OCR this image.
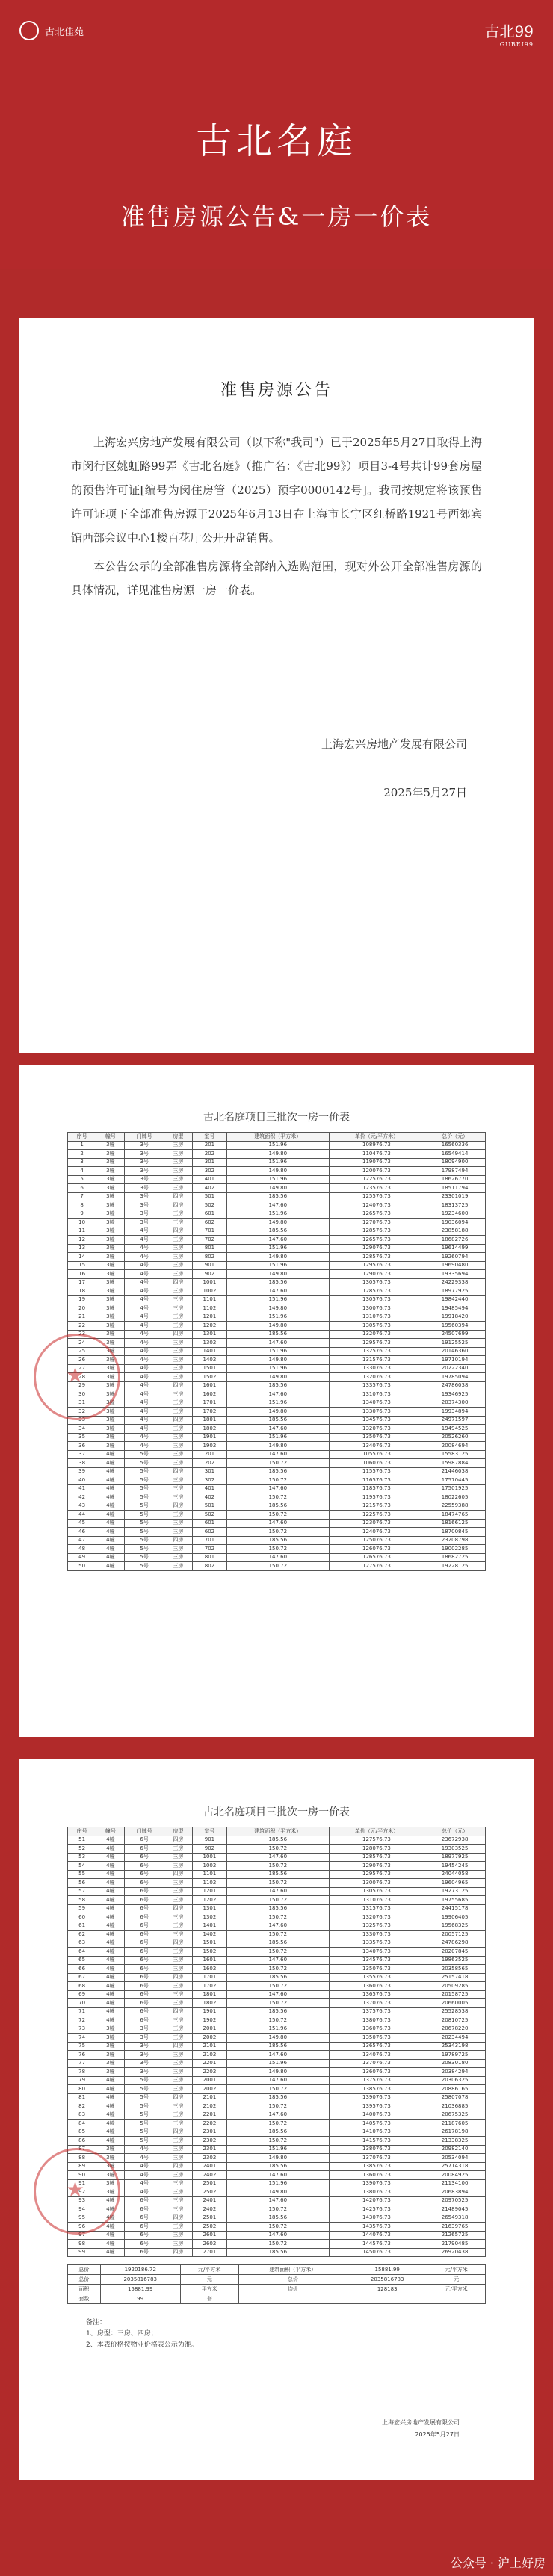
古北佳苑	古北99
GUBEI99
古北名庭
准售房源公告&一房一价表
准售房源公告

上海宏兴房地产发展有限公司（以下称"我司"）已于2025年5月27日取得上海市闵行区姚虹路99弄《古北名庭》（推广名：《古北99》）项目3-4号共计99套房屋的预售许可证[编号为闵住房管（2025）预字0000142号]。我司按规定将该预售许可证项下全部准售房源于2025年6月13日在上海市长宁区红桥路1921号西郊宾馆西部会议中心1楼百花厅公开开盘销售。

本公告公示的全部准售房源将全部纳入选购范围，现对外公开全部准售房源的具体情况，详见准售房源一房一价表。

上海宏兴房地产发展有限公司
2025年5月27日
古北名庭项目三批次一房一价表
★
序号	幢号	门牌号	房型	室号	建筑面积（平方米）	单价（元/平方米）	总价（元）
1	3幢	3号	三房	201	151.96	108976.73	16560336
2	3幢	3号	三房	202	149.80	110476.73	16549414
3	3幢	3号	三房	301	151.96	119076.73	18094900
4	3幢	3号	三房	302	149.80	120076.73	17987494
5	3幢	3号	三房	401	151.96	122576.73	18626770
6	3幢	3号	三房	402	149.80	123576.73	18511794
7	3幢	3号	四房	501	185.56	125576.73	23301019
8	3幢	3号	四房	502	147.60	124076.73	18313725
9	3幢	3号	三房	601	151.96	126576.73	19234600
10	3幢	3号	三房	602	149.80	127076.73	19036094
11	3幢	4号	四房	701	185.56	128576.73	23858188
12	3幢	4号	三房	702	147.60	126576.73	18682726
13	3幢	4号	三房	801	151.96	129076.73	19614499
14	3幢	4号	三房	802	149.80	128576.73	19260794
15	3幢	4号	三房	901	151.96	129576.73	19690480
16	3幢	4号	三房	902	149.80	129076.73	19335694
17	3幢	4号	四房	1001	185.56	130576.73	24229338
18	3幢	4号	三房	1002	147.60	128576.73	18977925
19	3幢	4号	三房	1101	151.96	130576.73	19842440
20	3幢	4号	三房	1102	149.80	130076.73	19485494
21	3幢	4号	三房	1201	151.96	131076.73	19918420
22	3幢	4号	三房	1202	149.80	130576.73	19560394
23	3幢	4号	四房	1301	185.56	132076.73	24507699
24	3幢	4号	三房	1302	147.60	129576.73	19125525
25	3幢	4号	三房	1401	151.96	132576.73	20146360
26	3幢	4号	三房	1402	149.80	131576.73	19710194
27	3幢	4号	三房	1501	151.96	133076.73	20222340
28	3幢	4号	三房	1502	149.80	132076.73	19785094
29	3幢	4号	四房	1601	185.56	133576.73	24786038
30	3幢	4号	三房	1602	147.60	131076.73	19346925
31	3幢	4号	三房	1701	151.96	134076.73	20374300
32	3幢	4号	三房	1702	149.80	133076.73	19934894
33	3幢	4号	四房	1801	185.56	134576.73	24971597
34	3幢	4号	三房	1802	147.60	132076.73	19494525
35	3幢	4号	三房	1901	151.96	135076.73	20526260
36	3幢	4号	三房	1902	149.80	134076.73	20084694
37	4幢	5号	三房	201	147.60	105576.73	15583125
38	4幢	5号	三房	202	150.72	106076.73	15987884
39	4幢	5号	四房	301	185.56	115576.73	21446038
40	4幢	5号	三房	302	150.72	116576.73	17570445
41	4幢	5号	三房	401	147.60	118576.73	17501925
42	4幢	5号	三房	402	150.72	119576.73	18022605
43	4幢	5号	四房	501	185.56	121576.73	22559388
44	4幢	5号	三房	502	150.72	122576.73	18474765
45	4幢	5号	三房	601	147.60	123076.73	18166125
46	4幢	5号	三房	602	150.72	124076.73	18700845
47	4幢	5号	四房	701	185.56	125076.73	23208798
48	4幢	5号	三房	702	150.72	126076.73	19002285
49	4幢	5号	三房	801	147.60	126576.73	18682725
50	4幢	5号	三房	802	150.72	127576.73	19228125
古北名庭项目三批次一房一价表
★
序号	幢号	门牌号	房型	室号	建筑面积（平方米）	单价（元/平方米）	总价（元）
51	4幢	6号	四房	901	185.56	127576.73	23672938
52	4幢	6号	三房	902	150.72	128076.73	19303525
53	4幢	6号	三房	1001	147.60	128576.73	18977925
54	4幢	6号	三房	1002	150.72	129076.73	19454245
55	4幢	6号	四房	1101	185.56	129576.73	24044058
56	4幢	6号	三房	1102	150.72	130076.73	19604965
57	4幢	6号	三房	1201	147.60	130576.73	19273125
58	4幢	6号	三房	1202	150.72	131076.73	19755685
59	4幢	6号	四房	1301	185.56	131576.73	24415178
60	4幢	6号	三房	1302	150.72	132076.73	19906405
61	4幢	6号	三房	1401	147.60	132576.73	19568325
62	4幢	6号	三房	1402	150.72	133076.73	20057125
63	4幢	6号	四房	1501	185.56	133576.73	24786298
64	4幢	6号	三房	1502	150.72	134076.73	20207845
65	4幢	6号	三房	1601	147.60	134576.73	19863525
66	4幢	6号	三房	1602	150.72	135076.73	20358565
67	4幢	6号	四房	1701	185.56	135576.73	25157418
68	4幢	6号	三房	1702	150.72	136076.73	20509285
69	4幢	6号	三房	1801	147.60	136576.73	20158725
70	4幢	6号	三房	1802	150.72	137076.73	20660005
71	4幢	6号	四房	1901	185.56	137576.73	25528538
72	4幢	6号	三房	1902	150.72	138076.73	20810725
73	3幢	3号	三房	2001	151.96	136076.73	20678220
74	3幢	3号	三房	2002	149.80	135076.73	20234494
75	3幢	3号	四房	2101	185.56	136576.73	25343198
76	3幢	3号	三房	2102	147.60	134076.73	19789725
77	3幢	3号	三房	2201	151.96	137076.73	20830180
78	3幢	3号	三房	2202	149.80	136076.73	20384294
79	4幢	5号	三房	2001	147.60	137576.73	20306325
80	4幢	5号	三房	2002	150.72	138576.73	20886165
81	4幢	5号	四房	2101	185.56	139076.73	25807078
82	4幢	5号	三房	2102	150.72	139576.73	21036885
83	4幢	5号	三房	2201	147.60	140076.73	20675325
84	4幢	5号	三房	2202	150.72	140576.73	21187605
85	4幢	5号	四房	2301	185.56	141076.73	26178198
86	4幢	5号	三房	2302	150.72	141576.73	21338325
87	3幢	4号	三房	2301	151.96	138076.73	20982140
88	3幢	4号	三房	2302	149.80	137076.73	20534094
89	3幢	4号	四房	2401	185.56	138576.73	25714318
90	3幢	4号	三房	2402	147.60	136076.73	20084925
91	3幢	4号	三房	2501	151.96	139076.73	21134100
92	3幢	4号	三房	2502	149.80	138076.73	20683894
93	4幢	6号	三房	2401	147.60	142076.73	20970525
94	4幢	6号	三房	2402	150.72	142576.73	21489045
95	4幢	6号	四房	2501	185.56	143076.73	26549318
96	4幢	6号	三房	2502	150.72	143576.73	21639765
97	4幢	6号	三房	2601	147.60	144076.73	21265725
98	4幢	6号	三房	2602	150.72	144576.73	21790485
99	4幢	6号	四房	2701	185.56	145076.73	26920438
总价	1920186.72	元/平方米	建筑面积（平方米）	15881.99	元/平方米
总价	2035816783	元	总价	2035816783	元
面积	15881.99	平方米	均价	128183	元/平方米
套数	99	套			
备注：
1、房型：三房、四房；
2、本表价格按物业价格表公示为准。
上海宏兴房地产发展有限公司
2025年5月27日
公众号 · 沪上好房
